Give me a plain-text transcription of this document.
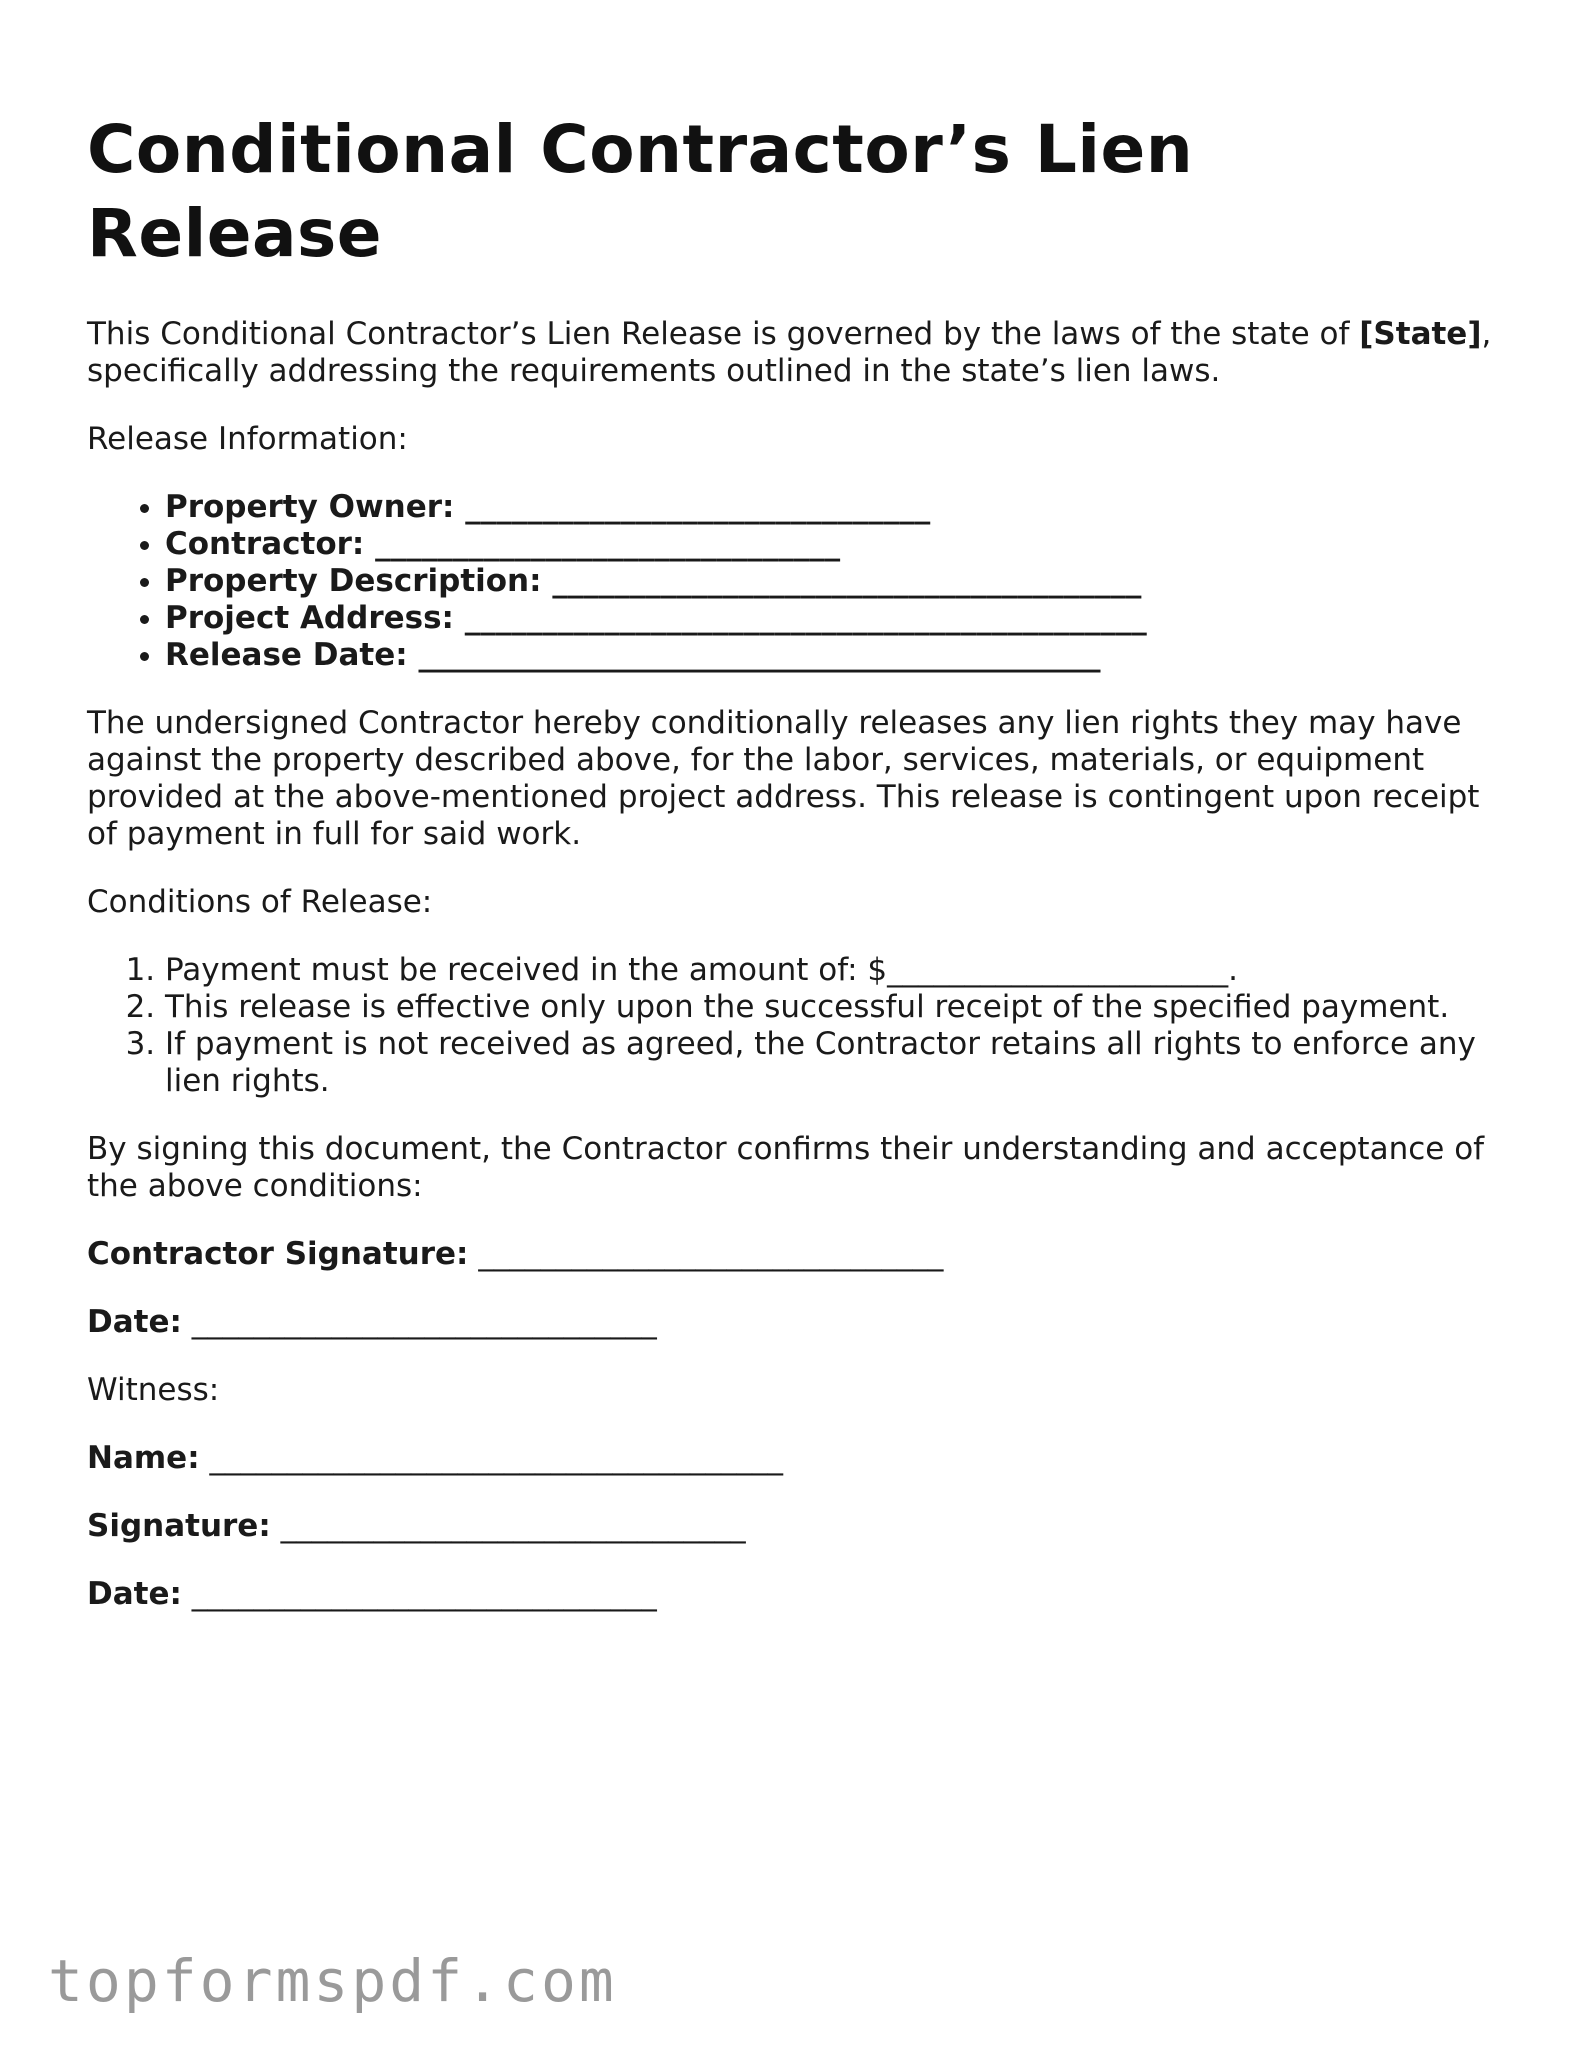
Conditional Contractor’s Lien Release

This Conditional Contractor’s Lien Release is governed by the laws of the state of [State], specifically addressing the requirements outlined in the state’s lien laws.

Release Information:

• Property Owner: ______________________________
• Contractor: ______________________________
• Property Description: ______________________________________
• Project Address: ____________________________________________
• Release Date: ____________________________________________

The undersigned Contractor hereby conditionally releases any lien rights they may have against the property described above, for the labor, services, materials, or equipment provided at the above-mentioned project address. This release is contingent upon receipt of payment in full for said work.

Conditions of Release:

1. Payment must be received in the amount of: $______________________.
2. This release is effective only upon the successful receipt of the specified payment.
3. If payment is not received as agreed, the Contractor retains all rights to enforce any lien rights.

By signing this document, the Contractor confirms their understanding and acceptance of the above conditions:

Contractor Signature: ______________________________

Date: ______________________________

Witness:

Name: _____________________________________

Signature: ______________________________

Date: ______________________________

topformspdf.com
